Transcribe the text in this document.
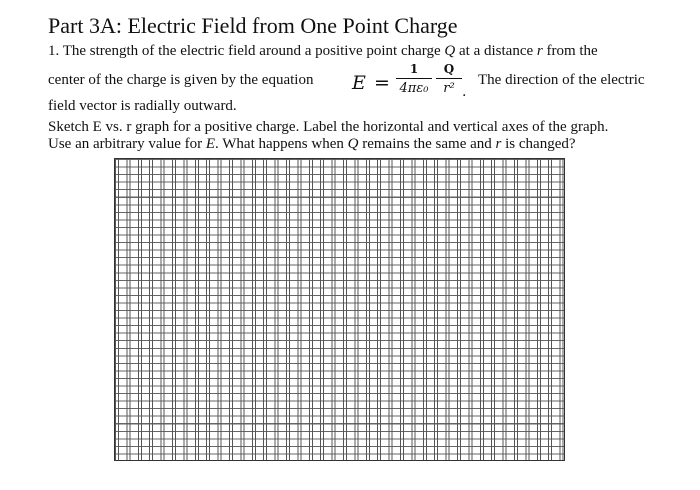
Part 3A: Electric Field from One Point Charge
1. The strength of the electric field around a positive point charge Q at a distance r from the
center of the charge is given by the equation E =
1
4πε₀
Q
r² .
The direction of the electric
field vector is radially outward.
Sketch E vs. r graph for a positive charge. Label the horizontal and vertical axes of the graph.
Use an arbitrary value for E. What happens when Q remains the same and r is changed?
